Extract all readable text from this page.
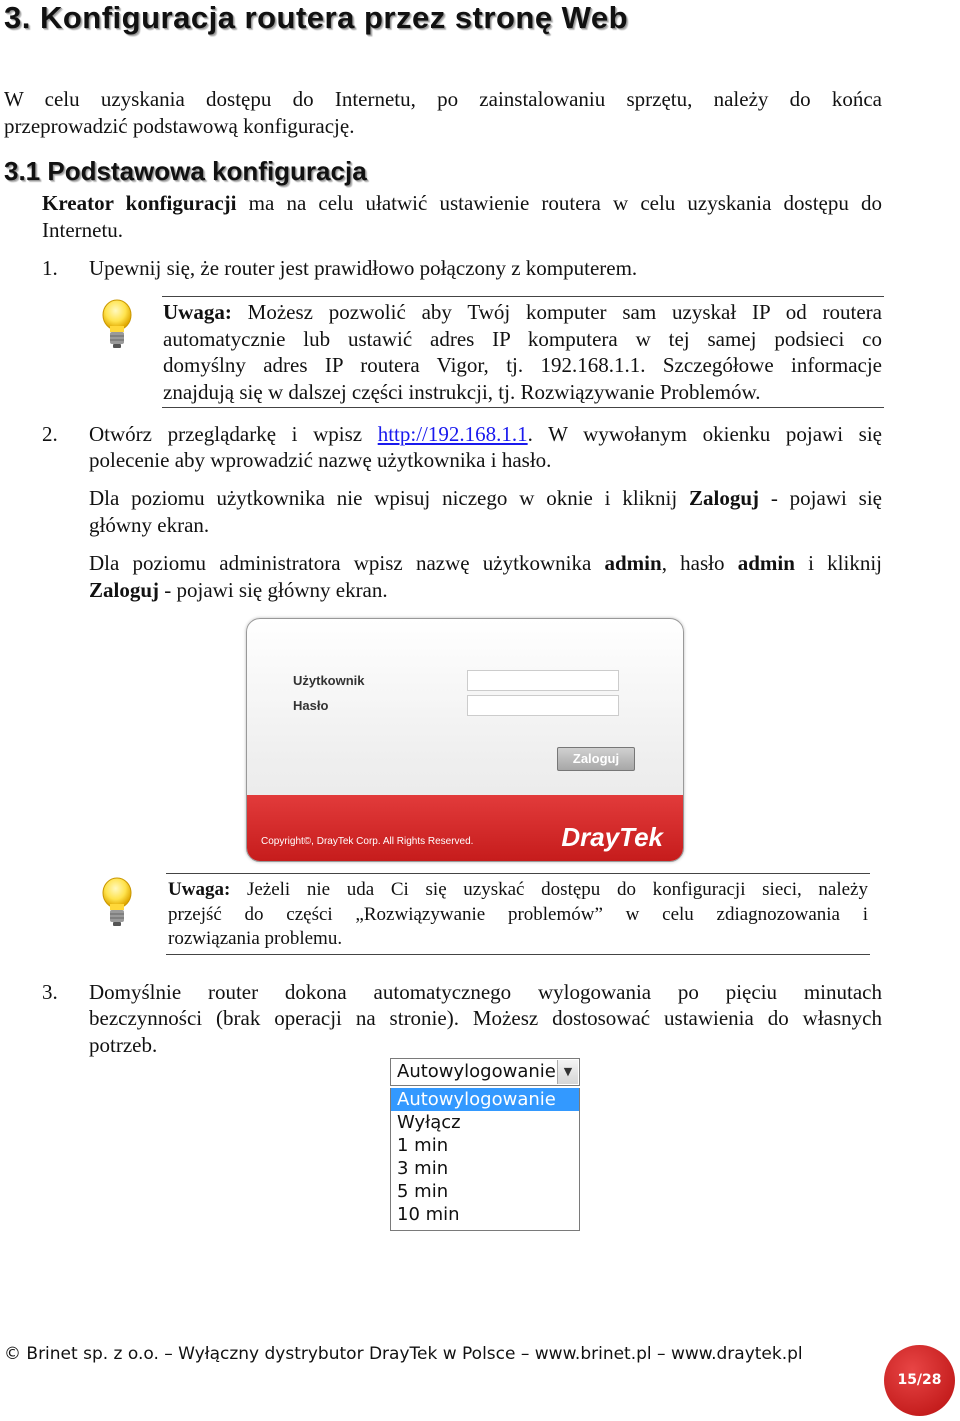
3. Konfiguracja routera przez stronę Web
W celu uzyskania dostępu do Internetu, po zainstalowaniu sprzętu, należy do końca
przeprowadzić podstawową konfigurację.
3.1 Podstawowa konfiguracja
Kreator konfiguracji ma na celu ułatwić ustawienie routera w celu uzyskania dostępu do
Internetu.
1. Upewnij się, że router jest prawidłowo połączony z komputerem.
Uwaga: Możesz pozwolić aby Twój komputer sam uzyskał IP od routera
automatycznie lub ustawić adres IP komputera w tej samej podsieci co
domyślny adres IP routera Vigor, tj. 192.168.1.1. Szczegółowe informacje
znajdują się w dalszej części instrukcji, tj. Rozwiązywanie Problemów.
2. Otwórz przeglądarkę i wpisz http://192.168.1.1. W wywołanym okienku pojawi się
polecenie aby wprowadzić nazwę użytkownika i hasło.
Dla poziomu użytkownika nie wpisuj niczego w oknie i kliknij Zaloguj - pojawi się
główny ekran.
Dla poziomu administratora wpisz nazwę użytkownika admin, hasło admin i kliknij
Zaloguj - pojawi się główny ekran.
Użytkownik
Hasło
Zaloguj
Copyright©, DrayTek Corp. All Rights Reserved.	DrayTek
Uwaga: Jeżeli nie uda Ci się uzyskać dostępu do konfiguracji sieci, należy
przejść do części „Rozwiązywanie problemów” w celu zdiagnozowania i
rozwiązania problemu.
3. Domyślnie router dokona automatycznego wylogowania po pięciu minutach
bezczynności (brak operacji na stronie). Możesz dostosować ustawienia do własnych
potrzeb.
Autowylogowanie ▼
Autowylogowanie
Wyłącz
1 min
3 min
5 min
10 min
© Brinet sp. z o.o. – Wyłączny dystrybutor DrayTek w Polsce – www.brinet.pl – www.draytek.pl
15/28
